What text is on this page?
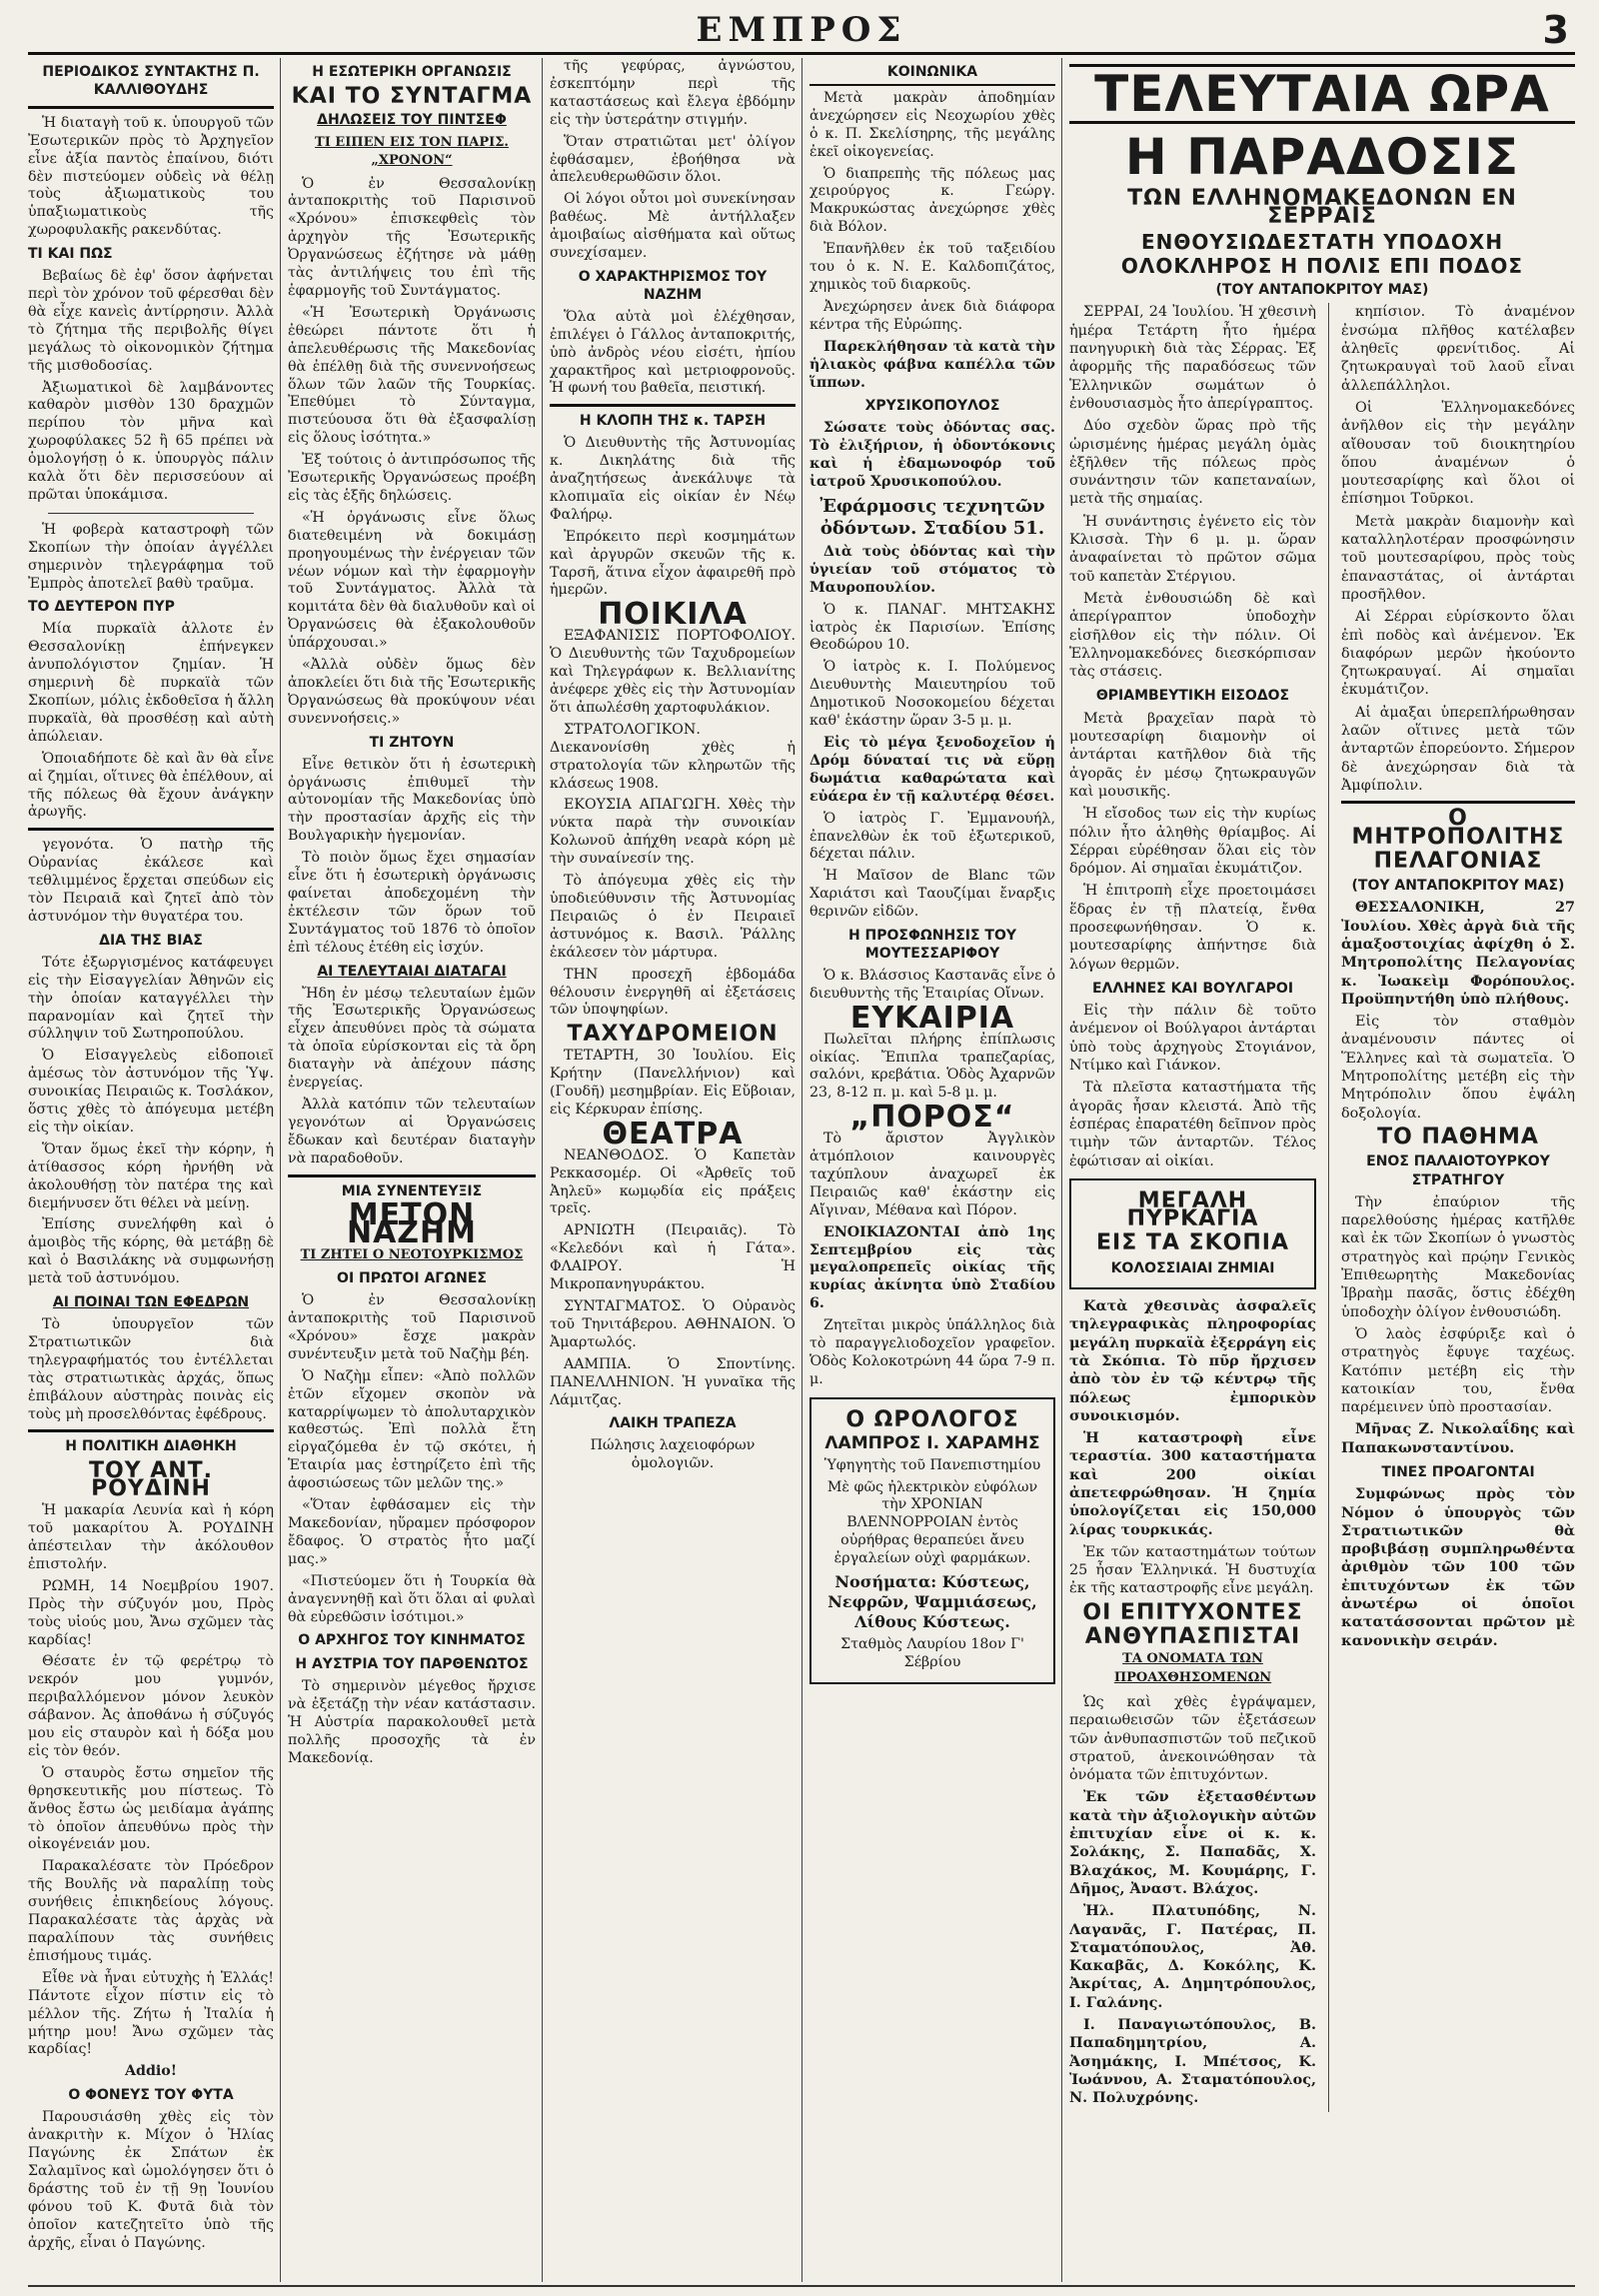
ΕΜΠΡΟΣ	3
ΠΕΡΙΟΔΙΚΟΣ ΣΥΝΤΑΚΤΗΣ Π. ΚΑΛΛΙΘΟΥΔΗΣ

Ἡ διαταγὴ τοῦ κ. ὑπουργοῦ τῶν Ἐσωτερικῶν πρὸς τὸ Ἀρχηγεῖον εἶνε ἀξία παντὸς ἐπαίνου, διότι δὲν πιστεύομεν οὐδεὶς νὰ θέλῃ τοὺς ἀξιωματικοὺς του ὑπαξιωματικοὺς τῆς χωροφυλακῆς ρακενδύτας.

ΤΙ ΚΑΙ ΠΩΣ

Βεβαίως δὲ ἐφ' ὅσον ἀφήνεται περὶ τὸν χρόνον τοῦ φέρεσθαι δὲν θὰ εἶχε κανεὶς ἀντίρρησιν. Ἀλλὰ τὸ ζήτημα τῆς περιβολῆς θίγει μεγάλως τὸ οἰκονομικὸν ζήτημα τῆς μισθοδοσίας.

Ἀξιωματικοὶ δὲ λαμβάνοντες καθαρὸν μισθὸν 130 δραχμῶν περίπου τὸν μῆνα καὶ χωροφύλακες 52 ἢ 65 πρέπει νὰ ὁμολογήσῃ ὁ κ. ὑπουργὸς πάλιν καλὰ ὅτι δὲν περισσεύουν αἱ πρῶται ὑποκάμισα.

Ἡ φοβερὰ καταστροφὴ τῶν Σκοπίων τὴν ὁποίαν ἀγγέλλει σημερινὸν τηλεγράφημα τοῦ Ἐμπρὸς ἀποτελεῖ βαθὺ τραῦμα.

ΤΟ ΔΕΥΤΕΡΟΝ ΠΥΡ

Μία πυρκαϊὰ ἀλλοτε ἐν Θεσσαλονίκῃ ἐπήνεγκεν ἀνυπολόγιστον ζημίαν. Ἡ σημερινὴ δὲ πυρκαϊὰ τῶν Σκοπίων, μόλις ἐκδοθεῖσα ἡ ἄλλη πυρκαϊὰ, θὰ προσθέσῃ καὶ αὐτὴ ἀπώλειαν.

Ὁποιαδήποτε δὲ καὶ ἂν θὰ εἶνε αἱ ζημίαι, οἵτινες θὰ ἐπέλθουν, αἱ τῆς πόλεως θὰ ἔχουν ἀνάγκην ἀρωγῆς.

γεγονότα. Ὁ πατὴρ τῆς Οὐρανίας ἐκάλεσε καὶ τεθλιμμένος ἔρχεται σπεύδων εἰς τὸν Πειραιᾶ καὶ ζητεῖ ἀπὸ τὸν ἀστυνόμον τὴν θυγατέρα του.

ΔΙΑ ΤΗΣ ΒΙΑΣ

Τότε ἐξωργισμένος κατάφευγει εἰς τὴν Εἰσαγγελίαν Ἀθηνῶν εἰς τὴν ὁποίαν καταγγέλλει τὴν παρανομίαν καὶ ζητεῖ τὴν σύλληψιν τοῦ Σωτηροπούλου.

Ὁ Εἰσαγγελεὺς εἰδοποιεῖ ἀμέσως τὸν ἀστυνόμον τῆς Ὑψ. συνοικίας Πειραιῶς κ. Τοσλάκον, ὅστις χθὲς τὸ ἀπόγευμα μετέβη εἰς τὴν οἰκίαν.

Ὅταν ὅμως ἐκεῖ τὴν κόρην, ἡ ἀτίθασσος κόρη ἠρνήθη νὰ ἀκολουθήσῃ τὸν πατέρα της καὶ διεμήνυσεν ὅτι θέλει νὰ μείνῃ.

Ἐπίσης συνελήφθη καὶ ὁ ἀμοιβὸς τῆς κόρης, θὰ μετάβῃ δὲ καὶ ὁ Βασιλάκης νὰ συμφωνήσῃ μετὰ τοῦ ἀστυνόμου.

ΑΙ ΠΟΙΝΑΙ ΤΩΝ ΕΦΕΔΡΩΝ

Τὸ ὑπουργεῖον τῶν Στρατιωτικῶν διὰ τηλεγραφήματός του ἐντέλλεται τὰς στρατιωτικὰς ἀρχάς, ὅπως ἐπιβάλουν αὐστηρὰς ποινὰς εἰς τοὺς μὴ προσελθόντας ἐφέδρους.

Η ΠΟΛΙΤΙΚΗ ΔΙΑΘΗΚΗ
ΤΟΥ ΑΝΤ. ΡΟΥΔΙΝΗ

Ἡ μακαρία Λευνία καὶ ἡ κόρη τοῦ μακαρίτου Ἀ. ΡΟΥΔΙΝΗ ἀπέστειλαν τὴν ἀκόλουθον ἐπιστολήν.

ΡΩΜΗ, 14 Νοεμβρίου 1907. Πρὸς τὴν σύζυγόν μου, Πρὸς τοὺς υἱούς μου, Ἄνω σχῶμεν τὰς καρδίας!

Θέσατε ἐν τῷ φερέτρῳ τὸ νεκρόν μου γυμνόν, περιβαλλόμενον μόνον λευκὸν σάβανον. Ἀς ἀποθάνω ἡ σύζυγός μου εἰς σταυρὸν καὶ ἡ δόξα μου εἰς τὸν θεόν.

Ὁ σταυρὸς ἔστω σημεῖον τῆς θρησκευτικῆς μου πίστεως. Τὸ ἄνθος ἔστω ὡς μειδίαμα ἀγάπης τὸ ὁποῖον ἀπευθύνω πρὸς τὴν οἰκογένειάν μου.

Παρακαλέσατε τὸν Πρόεδρον τῆς Βουλῆς νὰ παραλίπῃ τοὺς συνήθεις ἐπικηδείους λόγους. Παρακαλέσατε τὰς ἀρχὰς νὰ παραλίπουν τὰς συνήθεις ἐπισήμους τιμάς.

Εἶθε νὰ ἦναι εὐτυχὴς ἡ Ἑλλάς! Πάντοτε εἶχον πίστιν εἰς τὸ μέλλον τῆς. Ζήτω ἡ Ἰταλία ἡ μήτηρ μου! Ἄνω σχῶμεν τὰς καρδίας!

Addio!

Ο ΦΟΝΕΥΣ ΤΟΥ ΦΥΤΑ

Παρουσιάσθη χθὲς εἰς τὸν ἀνακριτὴν κ. Μίχον ὁ Ἠλίας Παγώνης ἐκ Σπάτων ἐκ Σαλαμῖνος καὶ ὡμολόγησεν ὅτι ὁ δράστης τοῦ ἐν τῇ 9ῃ Ἰουνίου φόνου τοῦ Κ. Φυτᾶ διὰ τὸν ὁποῖον κατεζητεῖτο ὑπὸ τῆς ἀρχῆς, εἶναι ὁ Παγώνης.

Η ΕΣΩΤΕΡΙΚΗ ΟΡΓΑΝΩΣΙΣ
ΚΑΙ ΤΟ ΣΥΝΤΑΓΜΑ
ΔΗΛΩΣΕΙΣ ΤΟΥ ΠΙΝΤΣΕΦ
ΤΙ ΕΙΠΕΝ ΕΙΣ ΤΟΝ ΠΑΡΙΣ. „ΧΡΟΝΟΝ“

Ὁ ἐν Θεσσαλονίκῃ ἀνταποκριτὴς τοῦ Παρισινοῦ «Χρόνου» ἐπισκεφθεὶς τὸν ἀρχηγὸν τῆς Ἐσωτερικῆς Ὀργανώσεως ἐζήτησε νὰ μάθῃ τὰς ἀντιλήψεις του ἐπὶ τῆς ἐφαρμογῆς τοῦ Συντάγματος.

«Ἡ Ἐσωτερικὴ Ὀργάνωσις ἐθεώρει πάντοτε ὅτι ἡ ἀπελευθέρωσις τῆς Μακεδονίας θὰ ἐπέλθῃ διὰ τῆς συνεννοήσεως ὅλων τῶν λαῶν τῆς Τουρκίας. Ἐπεθύμει τὸ Σύνταγμα, πιστεύουσα ὅτι θὰ ἐξασφαλίσῃ εἰς ὅλους ἰσότητα.»

Ἐξ τούτοις ὁ ἀντιπρόσωπος τῆς Ἐσωτερικῆς Ὀργανώσεως προέβη εἰς τὰς ἑξῆς δηλώσεις.

«Ἡ ὀργάνωσις εἶνε ὅλως διατεθειμένη νὰ δοκιμάσῃ προηγουμένως τὴν ἐνέργειαν τῶν νέων νόμων καὶ τὴν ἐφαρμογὴν τοῦ Συντάγματος. Ἀλλὰ τὰ κομιτάτα δὲν θὰ διαλυθοῦν καὶ οἱ Ὀργανώσεις θὰ ἐξακολουθοῦν ὑπάρχουσαι.»

«Ἀλλὰ οὐδὲν ὅμως δὲν ἀποκλείει ὅτι διὰ τῆς Ἐσωτερικῆς Ὀργανώσεως θὰ προκύψουν νέαι συνεννοήσεις.»

ΤΙ ΖΗΤΟΥΝ

Εἶνε θετικὸν ὅτι ἡ ἐσωτερικὴ ὀργάνωσις ἐπιθυμεῖ τὴν αὐτονομίαν τῆς Μακεδονίας ὑπὸ τὴν προστασίαν ἀρχῆς εἰς τὴν Βουλγαρικὴν ἡγεμονίαν.

Τὸ ποιὸν ὅμως ἔχει σημασίαν εἶνε ὅτι ἡ ἐσωτερικὴ ὀργάνωσις φαίνεται ἀποδεχομένη τὴν ἐκτέλεσιν τῶν ὅρων τοῦ Συντάγματος τοῦ 1876 τὸ ὁποῖον ἐπὶ τέλους ἐτέθη εἰς ἰσχύν.

ΑΙ ΤΕΛΕΥΤΑΙΑΙ ΔΙΑΤΑΓΑΙ

Ἤδη ἐν μέσῳ τελευταίων ἐμῶν τῆς Ἐσωτερικῆς Ὀργανώσεως εἶχεν ἀπευθύνει πρὸς τὰ σώματα τὰ ὁποῖα εὑρίσκονται εἰς τὰ ὄρη διαταγὴν νὰ ἀπέχουν πάσης ἐνεργείας.

Ἀλλὰ κατόπιν τῶν τελευταίων γεγονότων αἱ Ὀργανώσεις ἔδωκαν καὶ δευτέραν διαταγὴν νὰ παραδοθοῦν.

ΜΙΑ ΣΥΝΕΝΤΕΥΞΙΣ
ΜΕΤΟΝ ΝΑΖΗΜ
ΤΙ ΖΗΤΕΙ Ο ΝΕΟΤΟΥΡΚΙΣΜΟΣ
ΟΙ ΠΡΩΤΟΙ ΑΓΩΝΕΣ

Ὁ ἐν Θεσσαλονίκῃ ἀνταποκριτὴς τοῦ Παρισινοῦ «Χρόνου» ἔσχε μακρὰν συνέντευξιν μετὰ τοῦ Ναζὴμ βέη.

Ὁ Ναζὴμ εἶπεν: «Ἀπὸ πολλῶν ἐτῶν εἴχομεν σκοπὸν νὰ καταρρίψωμεν τὸ ἀπολυταρχικὸν καθεστώς. Ἐπὶ πολλὰ ἔτη εἰργαζόμεθα ἐν τῷ σκότει, ἡ Ἑταιρία μας ἐστηρίζετο ἐπὶ τῆς ἀφοσιώσεως τῶν μελῶν της.»

«Ὅταν ἐφθάσαμεν εἰς τὴν Μακεδονίαν, ηὕραμεν πρόσφορον ἔδαφος. Ὁ στρατὸς ἦτο μαζί μας.»

«Πιστεύομεν ὅτι ἡ Τουρκία θὰ ἀναγεννηθῇ καὶ ὅτι ὅλαι αἱ φυλαὶ θὰ εὑρεθῶσιν ἰσότιμοι.»

Ο ΑΡΧΗΓΟΣ ΤΟΥ ΚΙΝΗΜΑΤΟΣ
Η ΑΥΣΤΡΙΑ ΤΟΥ ΠΑΡΘΕΝΩΤΟΣ

Τὸ σημερινὸν μέγεθος ἤρχισε νὰ ἐξετάζῃ τὴν νέαν κατάστασιν. Ἡ Αὐστρία παρακολουθεῖ μετὰ πολλῆς προσοχῆς τὰ ἐν Μακεδονίᾳ.

τῆς γεφύρας, ἀγνώστου, ἐσκεπτόμην περὶ τῆς καταστάσεως καὶ ἔλεγα ἐβδόμην εἰς τὴν ὑστεράτην στιγμήν.

Ὅταν στρατιῶται μετ' ὀλίγον ἐφθάσαμεν, ἐβοήθησα νὰ ἀπελευθερωθῶσιν ὅλοι.

Οἱ λόγοι οὗτοι μοὶ συνεκίνησαν βαθέως. Μὲ ἀντήλλαξεν ἀμοιβαίως αἰσθήματα καὶ οὕτως συνεχίσαμεν.

Ο ΧΑΡΑΚΤΗΡΙΣΜΟΣ ΤΟΥ ΝΑΖΗΜ

Ὅλα αὐτὰ μοὶ ἐλέχθησαν, ἐπιλέγει ὁ Γάλλος ἀνταποκριτής, ὑπὸ ἀνδρὸς νέου εἰσέτι, ἠπίου χαρακτῆρος καὶ μετριοφρονοῦς. Ἡ φωνή του βαθεῖα, πειστική.

Η ΚΛΟΠΗ ΤΗΣ κ. ΤΑΡΣΗ

Ὁ Διευθυντὴς τῆς Ἀστυνομίας κ. Δικηλάτης διὰ τῆς ἀναζητήσεως ἀνεκάλυψε τὰ κλοπιμαῖα εἰς οἰκίαν ἐν Νέῳ Φαλήρῳ.

Ἐπρόκειτο περὶ κοσμημάτων καὶ ἀργυρῶν σκευῶν τῆς κ. Ταρσῆ, ἅτινα εἶχον ἀφαιρεθῆ πρὸ ἡμερῶν.

ΠΟΙΚΙΛΑ

ΕΞΑΦΑΝΙΣΙΣ ΠΟΡΤΟΦΟΛΙΟΥ. Ὁ Διευθυντὴς τῶν Ταχυδρομείων καὶ Τηλεγράφων κ. Βελλιανίτης ἀνέφερε χθὲς εἰς τὴν Ἀστυνομίαν ὅτι ἀπωλέσθη χαρτοφυλάκιον.

ΣΤΡΑΤΟΛΟΓΙΚΟΝ. Διεκανονίσθη χθὲς ἡ στρατολογία τῶν κληρωτῶν τῆς κλάσεως 1908.

ΕΚΟΥΣΙΑ ΑΠΑΓΩΓΗ. Χθὲς τὴν νύκτα παρὰ τὴν συνοικίαν Κολωνοῦ ἀπήχθη νεαρὰ κόρη μὲ τὴν συναίνεσίν της.

Τὸ ἀπόγευμα χθὲς εἰς τὴν ὑποδιεύθυνσιν τῆς Ἀστυνομίας Πειραιῶς ὁ ἐν Πειραιεῖ ἀστυνόμος κ. Βασιλ. Ῥάλλης ἐκάλεσεν τὸν μάρτυρα.

ΤΗΝ προσεχῆ ἑβδομάδα θέλουσιν ἐνεργηθῆ αἱ ἐξετάσεις τῶν ὑποψηφίων.

ΤΑΧΥΔΡΟΜΕΙΟΝ

ΤΕΤΑΡΤΗ, 30 Ἰουλίου. Εἰς Κρήτην (Πανελλήνιον) καὶ (Γουδῆ) μεσημβρίαν. Εἰς Εὔβοιαν, εἰς Κέρκυραν ἐπίσης.

ΘΕΑΤΡΑ

ΝΕΑΝΘΟΔΟΣ. Ὁ Καπετὰν Ρεκκασομέρ. Οἱ «Ἀρθεῖς τοῦ Ἀηλεῦ» κωμῳδία εἰς πράξεις τρεῖς.

ΑΡΝΙΩΤΗ (Πειραιᾶς). Τὸ «Κελεδόνι καὶ ἡ Γάτα». ΦΛΑΙΡΟΥ. Ἡ Μικροπανηγυράκτου.

ΣΥΝΤΑΓΜΑΤΟΣ. Ὁ Οὐρανὸς τοῦ Τηνιτάβερου. ΑΘΗΝΑΙΟΝ. Ὁ Ἀμαρτωλός.

ΑΑΜΠΙΑ. Ὁ Σποντίνης. ΠΑΝΕΛΛΗΝΙΟΝ. Ἡ γυναῖκα τῆς Λάμιτζας.

ΛΑΙΚΗ ΤΡΑΠΕΖΑ

Πώλησις λαχειοφόρων ὀμολογιῶν.

ΚΟΙΝΩΝΙΚΑ

Μετὰ μακρὰν ἀποδημίαν ἀνεχώρησεν εἰς Νεοχωρίου χθὲς ὁ κ. Π. Σκελίσηρης, τῆς μεγάλης ἐκεῖ οἰκογενείας.

Ὁ διαπρεπὴς τῆς πόλεως μας χειρούργος κ. Γεώργ. Μακρυκώστας ἀνεχώρησε χθὲς διὰ Βόλον.

Ἐπανῆλθεν ἐκ τοῦ ταξειδίου του ὁ κ. Ν. Ε. Καλδοπιζάτος, χημικὸς τοῦ διαρκοῦς.

Ἀνεχώρησεν ἀνεκ διὰ διάφορα κέντρα τῆς Εὐρώπης.

Παρεκλήθησαν τὰ κατὰ τὴν ἡλιακὸς φάβνα καπέλλα τῶν ἵππων.

ΧΡΥΣΙΚΟΠΟΥΛΟΣ

Σώσατε τοὺς ὀδόντας σας. Τὸ ἐλιξήριον, ἡ ὀδοντόκονις καὶ ἡ ἐδαμωνοφόρ τοῦ ἰατροῦ Χρυσικοπούλου.

Ἐφάρμοσις τεχνητῶν ὀδόντων. Σταδίου 51.

Διὰ τοὺς ὀδόντας καὶ τὴν ὑγιείαν τοῦ στόματος τὸ Μαυροπουλίον.

Ὁ κ. ΠΑΝΑΓ. ΜΗΤΣΑΚΗΣ ἰατρὸς ἐκ Παρισίων. Ἐπίσης Θεοδώρου 10.

Ὁ ἰατρὸς κ. Ι. Πολύμενος Διευθυντὴς Μαιευτηρίου τοῦ Δημοτικοῦ Νοσοκομείου δέχεται καθ' ἑκάστην ὥραν 3-5 μ. μ.

Εἰς τὸ μέγα ξενοδοχεῖον ἡ Δρόμ δύναταί τις νὰ εὕρῃ δωμάτια καθαρώτατα καὶ εὐάερα ἐν τῇ καλυτέρᾳ θέσει.

Ὁ ἰατρὸς Γ. Ἐμμανουήλ, ἐπανελθὼν ἐκ τοῦ ἐξωτερικοῦ, δέχεται πάλιν.

Ἡ Μαῖσον de Blanc τῶν Χαριάτσι καὶ Ταουζίμαι ἔναρξις θερινῶν εἰδῶν.

Η ΠΡΟΣΦΩΝΗΣΙΣ ΤΟΥ ΜΟΥΤΕΣΣΑΡΙΦΟΥ

Ὁ κ. Βλάσσιος Καστανᾶς εἶνε ὁ διευθυντὴς τῆς Ἑταιρίας Οἴνων.

ΕΥΚΑΙΡΙΑ

Πωλεῖται πλήρης ἐπίπλωσις οἰκίας. Ἔπιπλα τραπεζαρίας, σαλόνι, κρεβάτια. Ὁδὸς Ἀχαρνῶν 23, 8-12 π. μ. καὶ 5-8 μ. μ.

„ΠΟΡΟΣ“

Τὸ ἄριστον Ἀγγλικὸν ἀτμόπλοιον καινουργὲς ταχύπλουν ἀναχωρεῖ ἐκ Πειραιῶς καθ' ἑκάστην εἰς Αἴγιναν, Μέθανα καὶ Πόρον.

ΕΝΟΙΚΙΑΖΟΝΤΑΙ ἀπὸ 1ης Σεπτεμβρίου εἰς τὰς μεγαλοπρεπεῖς οἰκίας τῆς κυρίας ἀκίνητα ὑπὸ Σταδίου 6.

Ζητεῖται μικρὸς ὑπάλληλος διὰ τὸ παραγγελιοδοχεῖον γραφεῖον. Ὁδὸς Κολοκοτρώνη 44 ὥρα 7-9 π. μ.

Ο ΩΡΟΛΟΓΟΣ
ΛΑΜΠΡΟΣ Ι. ΧΑΡΑΜΗΣ

Ὑφηγητὴς τοῦ Πανεπιστημίου

Μὲ φῶς ἠλεκτρικὸν εὐφόλων τὴν ΧΡΟΝΙΑΝ ΒΛΕΝΝΟΡΡΟΙΑΝ ἐντὸς οὐρήθρας θεραπεύει ἄνευ ἐργαλείων οὐχὶ φαρμάκων.

Νοσήματα: Κύστεως, Νεφρῶν, Ψαμμιάσεως, Λίθους Κύστεως.

Σταθμὸς Λαυρίου 18ον Γ' Σέβρίου

ΤΕΛΕΥΤΑΙΑ ΩΡΑ
Η ΠΑΡΑΔΟΣΙΣ
ΤΩΝ ΕΛΛΗΝΟΜΑΚΕΔΟΝΩΝ ΕΝ ΣΕΡΡΑΙΣ
ΕΝΘΟΥΣΙΩΔΕΣΤΑΤΗ ΥΠΟΔΟΧΗ
ΟΛΟΚΛΗΡΟΣ Η ΠΟΛΙΣ ΕΠΙ ΠΟΔΟΣ
(ΤΟΥ ΑΝΤΑΠΟΚΡΙΤΟΥ ΜΑΣ)

ΣΕΡΡΑΙ, 24 Ἰουλίου. Ἡ χθεσινὴ ἡμέρα Τετάρτη ἦτο ἡμέρα πανηγυρικὴ διὰ τὰς Σέρρας. Ἐξ ἀφορμῆς τῆς παραδόσεως τῶν Ἑλληνικῶν σωμάτων ὁ ἐνθουσιασμὸς ἦτο ἀπερίγραπτος.

Δύο σχεδὸν ὥρας πρὸ τῆς ὡρισμένης ἡμέρας μεγάλη ὁμὰς ἐξῆλθεν τῆς πόλεως πρὸς συνάντησιν τῶν καπεταναίων, μετὰ τῆς σημαίας.

Ἡ συνάντησις ἐγένετο εἰς τὸν Κλισσὰ. Τὴν 6 μ. μ. ὥραν ἀναφαίνεται τὸ πρῶτον σῶμα τοῦ καπετὰν Στέργιου.

Μετὰ ἐνθουσιώδη δὲ καὶ ἀπερίγραπτον ὑποδοχὴν εἰσῆλθον εἰς τὴν πόλιν. Οἱ Ἑλληνομακεδόνες διεσκόρπισαν τὰς στάσεις.

ΘΡΙΑΜΒΕΥΤΙΚΗ ΕΙΣΟΔΟΣ

Μετὰ βραχεῖαν παρὰ τὸ μουτεσαρίφη διαμονὴν οἱ ἀντάρται κατῆλθον διὰ τῆς ἀγορᾶς ἐν μέσῳ ζητωκραυγῶν καὶ μουσικῆς.

Ἡ εἴσοδος των εἰς τὴν κυρίως πόλιν ἦτο ἀληθὴς θρίαμβος. Αἱ Σέρραι εὑρέθησαν ὅλαι εἰς τὸν δρόμον. Αἱ σημαῖαι ἐκυμάτιζον.

Ἡ ἐπιτροπὴ εἶχε προετοιμάσει ἕδρας ἐν τῇ πλατείᾳ, ἔνθα προσεφωνήθησαν. Ὁ κ. μουτεσαρίφης ἀπήντησε διὰ λόγων θερμῶν.

ΕΛΛΗΝΕΣ ΚΑΙ ΒΟΥΛΓΑΡΟΙ

Εἰς τὴν πάλιν δὲ τοῦτο ἀνέμενον οἱ Βούλγαροι ἀντάρται ὑπὸ τοὺς ἀρχηγοὺς Στογιάνον, Ντίμκο καὶ Γιάνκον.

Τὰ πλεῖστα καταστήματα τῆς ἀγορᾶς ἦσαν κλειστά. Ἀπὸ τῆς ἑσπέρας ἐπαρατέθη δεῖπνον πρὸς τιμὴν τῶν ἀνταρτῶν. Τέλος ἐφώτισαν αἱ οἰκίαι.

ΜΕΓΑΛΗ ΠΥΡΚΑΓΙΑ
ΕΙΣ ΤΑ ΣΚΟΠΙΑ
ΚΟΛΟΣΣΙΑΙΑΙ ΖΗΜΙΑΙ

Κατὰ χθεσινὰς ἀσφαλεῖς τηλεγραφικὰς πληροφορίας μεγάλη πυρκαϊὰ ἐξερράγη εἰς τὰ Σκόπια. Τὸ πῦρ ἤρχισεν ἀπὸ τὸν ἐν τῷ κέντρῳ τῆς πόλεως ἐμπορικὸν συνοικισμόν.

Ἡ καταστροφὴ εἶνε τεραστία. 300 καταστήματα καὶ 200 οἰκίαι ἀπετεφρώθησαν. Ἡ ζημία ὑπολογίζεται εἰς 150,000 λίρας τουρκικάς.

Ἐκ τῶν καταστημάτων τούτων 25 ἦσαν Ἑλληνικά. Ἡ δυστυχία ἐκ τῆς καταστροφῆς εἶνε μεγάλη.

ΟΙ ΕΠΙΤΥΧΟΝΤΕΣ
ΑΝΘΥΠΑΣΠΙΣΤΑΙ
ΤΑ ΟΝΟΜΑΤΑ ΤΩΝ ΠΡΟΑΧΘΗΣΟΜΕΝΩΝ

Ὡς καὶ χθὲς ἐγράψαμεν, περαιωθεισῶν τῶν ἐξετάσεων τῶν ἀνθυπασπιστῶν τοῦ πεζικοῦ στρατοῦ, ἀνεκοινώθησαν τὰ ὀνόματα τῶν ἐπιτυχόντων.

Ἐκ τῶν ἐξετασθέντων κατὰ τὴν ἀξιολογικὴν αὐτῶν ἐπιτυχίαν εἶνε οἱ κ. κ. Σολάκης, Σ. Παπαδᾶς, Χ. Βλαχάκος, Μ. Κουμάρης, Γ. Δῆμος, Ἀναστ. Βλάχος.

Ἠλ. Πλατυπόδης, Ν. Λαγανᾶς, Γ. Πατέρας, Π. Σταματόπουλος, Ἀθ. Κακαβᾶς, Δ. Κοκόλης, Κ. Ἀκρίτας, Α. Δημητρόπουλος, Ι. Γαλάνης.

Ι. Παναγιωτόπουλος, Β. Παπαδημητρίου, Α. Ἀσημάκης, Ι. Μπέτσος, Κ. Ἰωάννου, Α. Σταματόπουλος, Ν. Πολυχρόνης.

κηπίσιον. Τὸ ἀναμένον ἐνσώμα πλῆθος κατέλαβεν ἀληθεῖς φρενίτιδος. Αἱ ζητωκραυγαὶ τοῦ λαοῦ εἶναι ἀλλεπάλληλοι.

Οἱ Ἑλληνομακεδόνες ἀνῆλθον εἰς τὴν μεγάλην αἴθουσαν τοῦ διοικητηρίου ὅπου ἀναμένων ὁ μουτεσαρίφης καὶ ὅλοι οἱ ἐπίσημοι Τοῦρκοι.

Μετὰ μακρὰν διαμονὴν καὶ καταλληλοτέραν προσφώνησιν τοῦ μουτεσαρίφου, πρὸς τοὺς ἐπαναστάτας, οἱ ἀντάρται προσῆλθον.

Αἱ Σέρραι εὑρίσκοντο ὅλαι ἐπὶ ποδὸς καὶ ἀνέμενον. Ἐκ διαφόρων μερῶν ἠκούοντο ζητωκραυγαί. Αἱ σημαῖαι ἐκυμάτιζον.

Αἱ ἀμαξαι ὑπερεπλήρωθησαν λαῶν οἵτινες μετὰ τῶν ἀνταρτῶν ἐπορεύοντο. Σήμερον δὲ ἀνεχώρησαν διὰ τὰ Ἀμφίπολιν.

Ο ΜΗΤΡΟΠΟΛΙΤΗΣ
ΠΕΛΑΓΟΝΙΑΣ
(ΤΟΥ ΑΝΤΑΠΟΚΡΙΤΟΥ ΜΑΣ)

ΘΕΣΣΑΛΟΝΙΚΗ, 27 Ἰουλίου. Χθὲς ἀργὰ διὰ τῆς ἁμαξοστοιχίας ἀφίχθη ὁ Σ. Μητροπολίτης Πελαγονίας κ. Ἰωακεὶμ Φορόπουλος. Προϋπηντήθη ὑπὸ πλήθους.

Εἰς τὸν σταθμὸν ἀναμένουσιν πάντες οἱ Ἕλληνες καὶ τὰ σωματεῖα. Ὁ Μητροπολίτης μετέβη εἰς τὴν Μητρόπολιν ὅπου ἐψάλη δοξολογία.

ΤΟ ΠΑΘΗΜΑ
ΕΝΟΣ ΠΑΛΑΙΟΤΟΥΡΚΟΥ ΣΤΡΑΤΗΓΟΥ

Τὴν ἐπαύριον τῆς παρελθούσης ἡμέρας κατῆλθε καὶ ἐκ τῶν Σκοπίων ὁ γνωστὸς στρατηγὸς καὶ πρῴην Γενικὸς Ἐπιθεωρητὴς Μακεδονίας Ἰβραὴμ πασᾶς, ὅστις ἐδέχθη ὑποδοχὴν ὀλίγον ἐνθουσιώδη.

Ὁ λαὸς ἐσφύριξε καὶ ὁ στρατηγὸς ἔφυγε ταχέως. Κατόπιν μετέβη εἰς τὴν κατοικίαν του, ἔνθα παρέμεινεν ὑπὸ προστασίαν.

Μῆνας Ζ. Νικολαΐδης καὶ Παπακωνσταντίνου.

ΤΙΝΕΣ ΠΡΟΑΓΟΝΤΑΙ

Συμφώνως πρὸς τὸν Νόμον ὁ ὑπουργὸς τῶν Στρατιωτικῶν θὰ προβιβάσῃ συμπληρωθέντα ἀριθμὸν τῶν 100 τῶν ἐπιτυχόντων ἐκ τῶν ἀνωτέρω οἱ ὁποῖοι κατατάσσονται πρῶτον μὲ κανονικὴν σειράν.
